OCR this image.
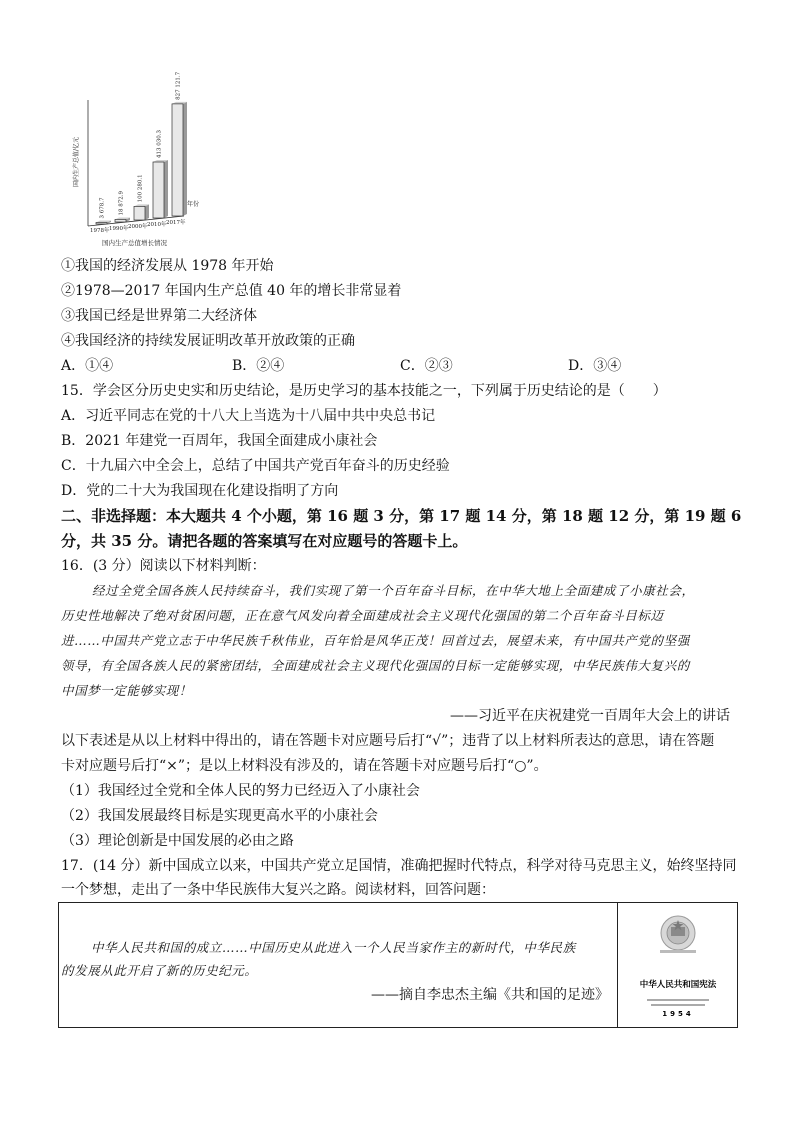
国内生产总值/亿元
年份
3 678.7
1978年
18 872.9
1990年
100 280.1
2000年
413 030.3
2010年
827 121.7
2017年
国内生产总值增长情况
①我国的经济发展从 1978 年开始
②1978—2017 年国内生产总值 40 年的增长非常显着
③我国已经是世界第二大经济体
④我国经济的持续发展证明改革开放政策的正确
A．①④	B．②④	C．②③	D．③④
15．学会区分历史史实和历史结论，是历史学习的基本技能之一，下列属于历史结论的是（　　）
A．习近平同志在党的十八大上当选为十八届中共中央总书记
B．2021 年建党一百周年，我国全面建成小康社会
C．十九届六中全会上，总结了中国共产党百年奋斗的历史经验
D．党的二十大为我国现在化建设指明了方向
二、非选择题：本大题共 4 个小题，第 16 题 3 分，第 17 题 14 分，第 18 题 12 分，第 19 题 6
分，共 35 分。请把各题的答案填写在对应题号的答题卡上。
16．(3 分）阅读以下材料判断：
经过全党全国各族人民持续奋斗，我们实现了第一个百年奋斗目标，在中华大地上全面建成了小康社会，
历史性地解决了绝对贫困问题，正在意气风发向着全面建成社会主义现代化强国的第二个百年奋斗目标迈
进……中国共产党立志于中华民族千秋伟业，百年恰是风华正茂！回首过去，展望未来，有中国共产党的坚强
领导，有全国各族人民的紧密团结，全面建成社会主义现代化强国的目标一定能够实现，中华民族伟大复兴的
中国梦一定能够实现！
——习近平在庆祝建党一百周年大会上的讲话
以下表述是从以上材料中得出的，请在答题卡对应题号后打“√”；违背了以上材料所表达的意思，请在答题
卡对应题号后打“×”；是以上材料没有涉及的，请在答题卡对应题号后打“○”。
（1）我国经过全党和全体人民的努力已经迈入了小康社会
（2）我国发展最终目标是实现更高水平的小康社会
（3）理论创新是中国发展的必由之路
17．(14 分）新中国成立以来，中国共产党立足国情，准确把握时代特点，科学对待马克思主义，始终坚持同
一个梦想，走出了一条中华民族伟大复兴之路。阅读材料，回答问题：
中华人民共和国的成立……中国历史从此进入一个人民当家作主的新时代，中华民族
的发展从此开启了新的历史纪元。
——摘自李忠杰主编《共和国的足迹》
中华人民共和国宪法
1954
